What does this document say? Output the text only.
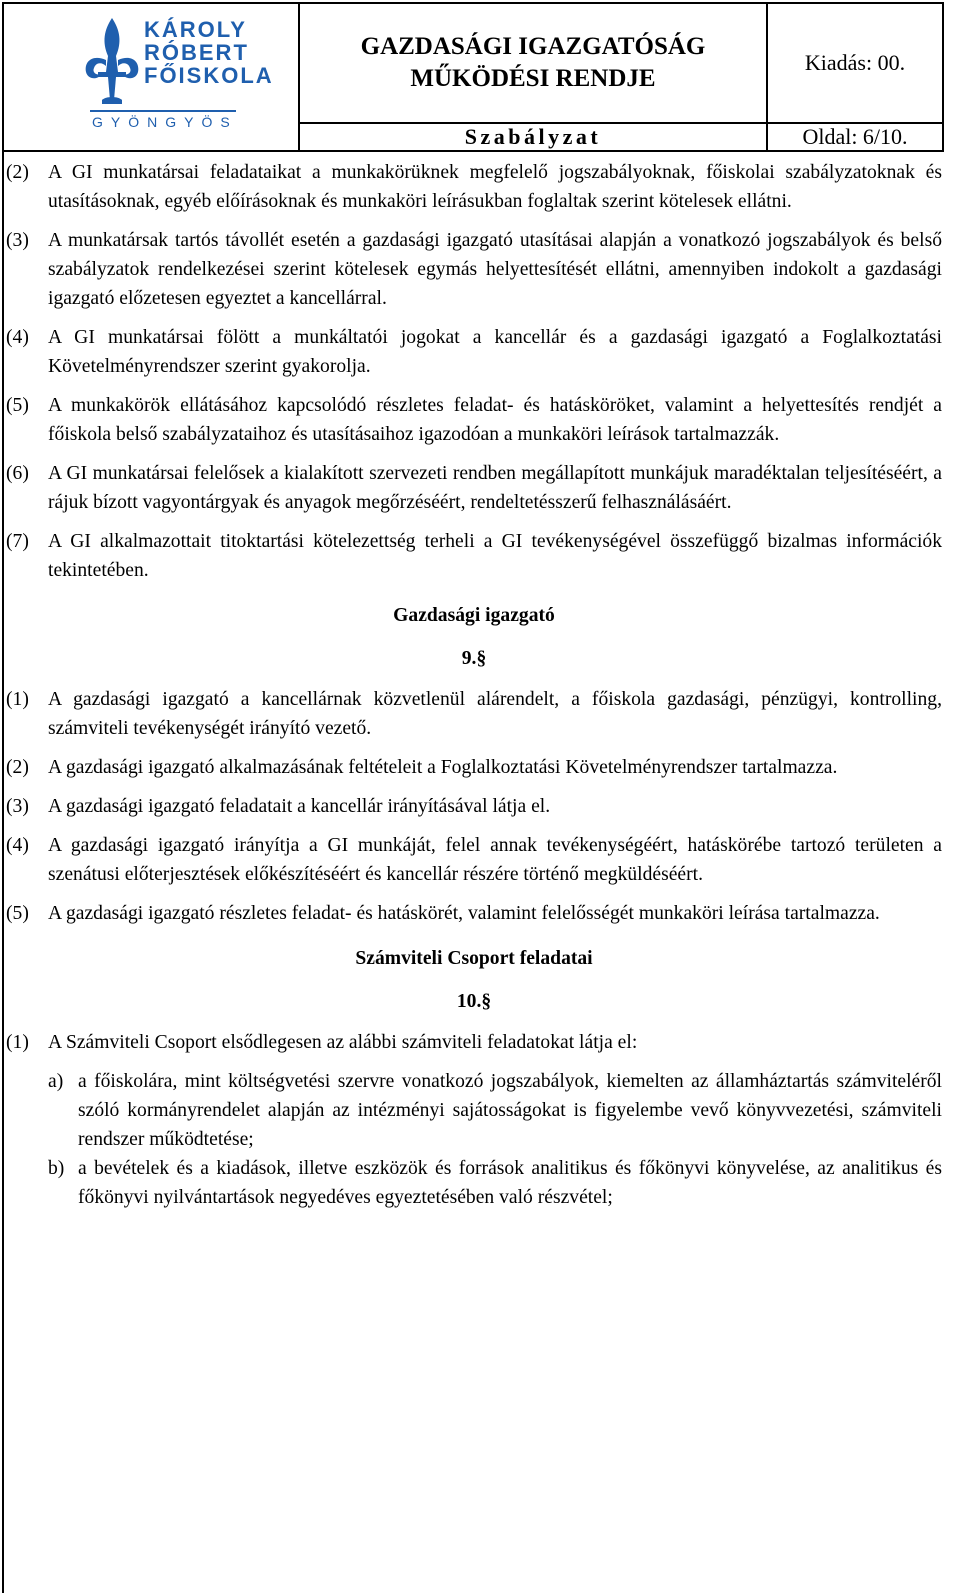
KÁROLY
RÓBERT
FŐISKOLA
GYÖNGYÖS
GAZDASÁGI IGAZGATÓSÁG
MŰKÖDÉSI RENDJE
Kiadás: 00.
Szabályzat	Oldal: 6/10.
(2) A GI munkatársai feladataikat a munkakörüknek megfelelő jogszabályoknak, főiskolai szabályzatoknak és utasításoknak, egyéb előírásoknak és munkaköri leírásukban foglaltak szerint kötelesek ellátni.
(3) A munkatársak tartós távollét esetén a gazdasági igazgató utasításai alapján a vonatkozó jogszabályok és belső szabályzatok rendelkezései szerint kötelesek egymás helyettesítését ellátni, amennyiben indokolt a gazdasági igazgató előzetesen egyeztet a kancellárral.
(4) A GI munkatársai fölött a munkáltatói jogokat a kancellár és a gazdasági igazgató a Foglalkoztatási Követelményrendszer szerint gyakorolja.
(5) A munkakörök ellátásához kapcsolódó részletes feladat- és hatásköröket, valamint a helyettesítés rendjét a főiskola belső szabályzataihoz és utasításaihoz igazodóan a munkaköri leírások tartalmazzák.
(6) A GI munkatársai felelősek a kialakított szervezeti rendben megállapított munkájuk maradéktalan teljesítéséért, a rájuk bízott vagyontárgyak és anyagok megőrzéséért, rendeltetésszerű felhasználásáért.
(7) A GI alkalmazottait titoktartási kötelezettség terheli a GI tevékenységével összefüggő bizalmas információk tekintetében.
Gazdasági igazgató
9.§
(1) A gazdasági igazgató a kancellárnak közvetlenül alárendelt, a főiskola gazdasági, pénzügyi, kontrolling, számviteli tevékenységét irányító vezető.
(2) A gazdasági igazgató alkalmazásának feltételeit a Foglalkoztatási Követelményrendszer tartalmazza.
(3) A gazdasági igazgató feladatait a kancellár irányításával látja el.
(4) A gazdasági igazgató irányítja a GI munkáját, felel annak tevékenységéért, hatáskörébe tartozó területen a szenátusi előterjesztések előkészítéséért és kancellár részére történő megküldéséért.
(5) A gazdasági igazgató részletes feladat- és hatáskörét, valamint felelősségét munkaköri leírása tartalmazza.
Számviteli Csoport feladatai
10.§
(1) A Számviteli Csoport elsődlegesen az alábbi számviteli feladatokat látja el:
a) a főiskolára, mint költségvetési szervre vonatkozó jogszabályok, kiemelten az államháztartás számviteléről szóló kormányrendelet alapján az intézményi sajátosságokat is figyelembe vevő könyvvezetési, számviteli rendszer működtetése;
b) a bevételek és a kiadások, illetve eszközök és források analitikus és főkönyvi könyvelése, az analitikus és főkönyvi nyilvántartások negyedéves egyeztetésében való részvétel;
